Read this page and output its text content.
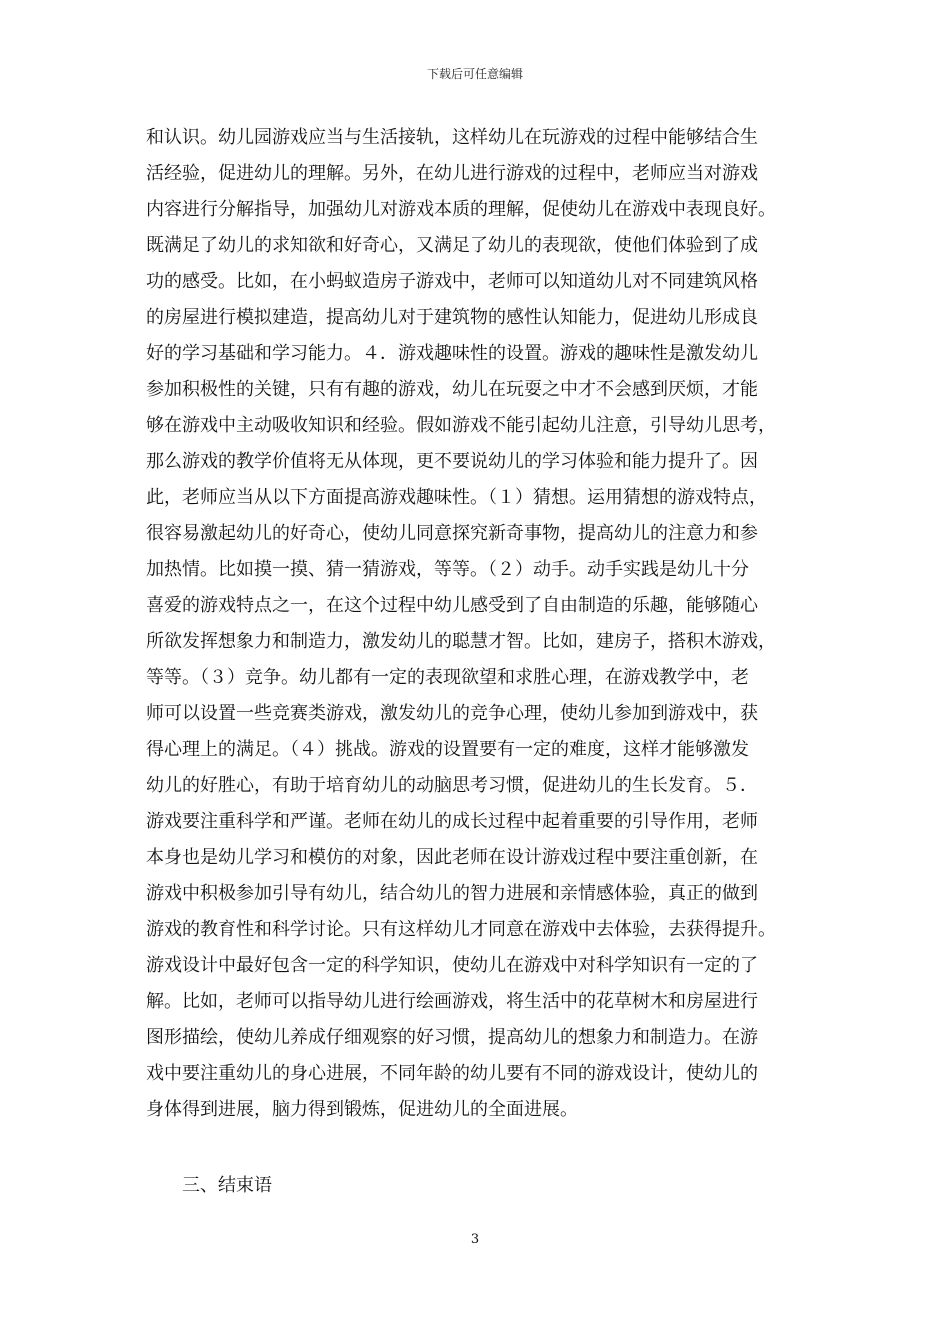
下载后可任意编辑
和认识。幼儿园游戏应当与生活接轨，这样幼儿在玩游戏的过程中能够结合生
活经验，促进幼儿的理解。另外，在幼儿进行游戏的过程中，老师应当对游戏
内容进行分解指导，加强幼儿对游戏本质的理解，促使幼儿在游戏中表现良好。
既满足了幼儿的求知欲和好奇心，又满足了幼儿的表现欲，使他们体验到了成
功的感受。比如，在小蚂蚁造房子游戏中，老师可以知道幼儿对不同建筑风格
的房屋进行模拟建造，提高幼儿对于建筑物的感性认知能力，促进幼儿形成良
好的学习基础和学习能力。４．游戏趣味性的设置。游戏的趣味性是激发幼儿
参加积极性的关键，只有有趣的游戏，幼儿在玩耍之中才不会感到厌烦，才能
够在游戏中主动吸收知识和经验。假如游戏不能引起幼儿注意，引导幼儿思考，
那么游戏的教学价值将无从体现，更不要说幼儿的学习体验和能力提升了。因
此，老师应当从以下方面提高游戏趣味性。（１）猜想。运用猜想的游戏特点，
很容易激起幼儿的好奇心，使幼儿同意探究新奇事物，提高幼儿的注意力和参
加热情。比如摸一摸、猜一猜游戏，等等。（２）动手。动手实践是幼儿十分
喜爱的游戏特点之一，在这个过程中幼儿感受到了自由制造的乐趣，能够随心
所欲发挥想象力和制造力，激发幼儿的聪慧才智。比如，建房子，搭积木游戏，
等等。（３）竞争。幼儿都有一定的表现欲望和求胜心理，在游戏教学中，老
师可以设置一些竞赛类游戏，激发幼儿的竞争心理，使幼儿参加到游戏中，获
得心理上的满足。（４）挑战。游戏的设置要有一定的难度，这样才能够激发
幼儿的好胜心，有助于培育幼儿的动脑思考习惯，促进幼儿的生长发育。５．
游戏要注重科学和严谨。老师在幼儿的成长过程中起着重要的引导作用，老师
本身也是幼儿学习和模仿的对象，因此老师在设计游戏过程中要注重创新，在
游戏中积极参加引导有幼儿，结合幼儿的智力进展和亲情感体验，真正的做到
游戏的教育性和科学讨论。只有这样幼儿才同意在游戏中去体验，去获得提升。
游戏设计中最好包含一定的科学知识，使幼儿在游戏中对科学知识有一定的了
解。比如，老师可以指导幼儿进行绘画游戏，将生活中的花草树木和房屋进行
图形描绘，使幼儿养成仔细观察的好习惯，提高幼儿的想象力和制造力。在游
戏中要注重幼儿的身心进展，不同年龄的幼儿要有不同的游戏设计，使幼儿的
身体得到进展，脑力得到锻炼，促进幼儿的全面进展。
三、结束语
3
